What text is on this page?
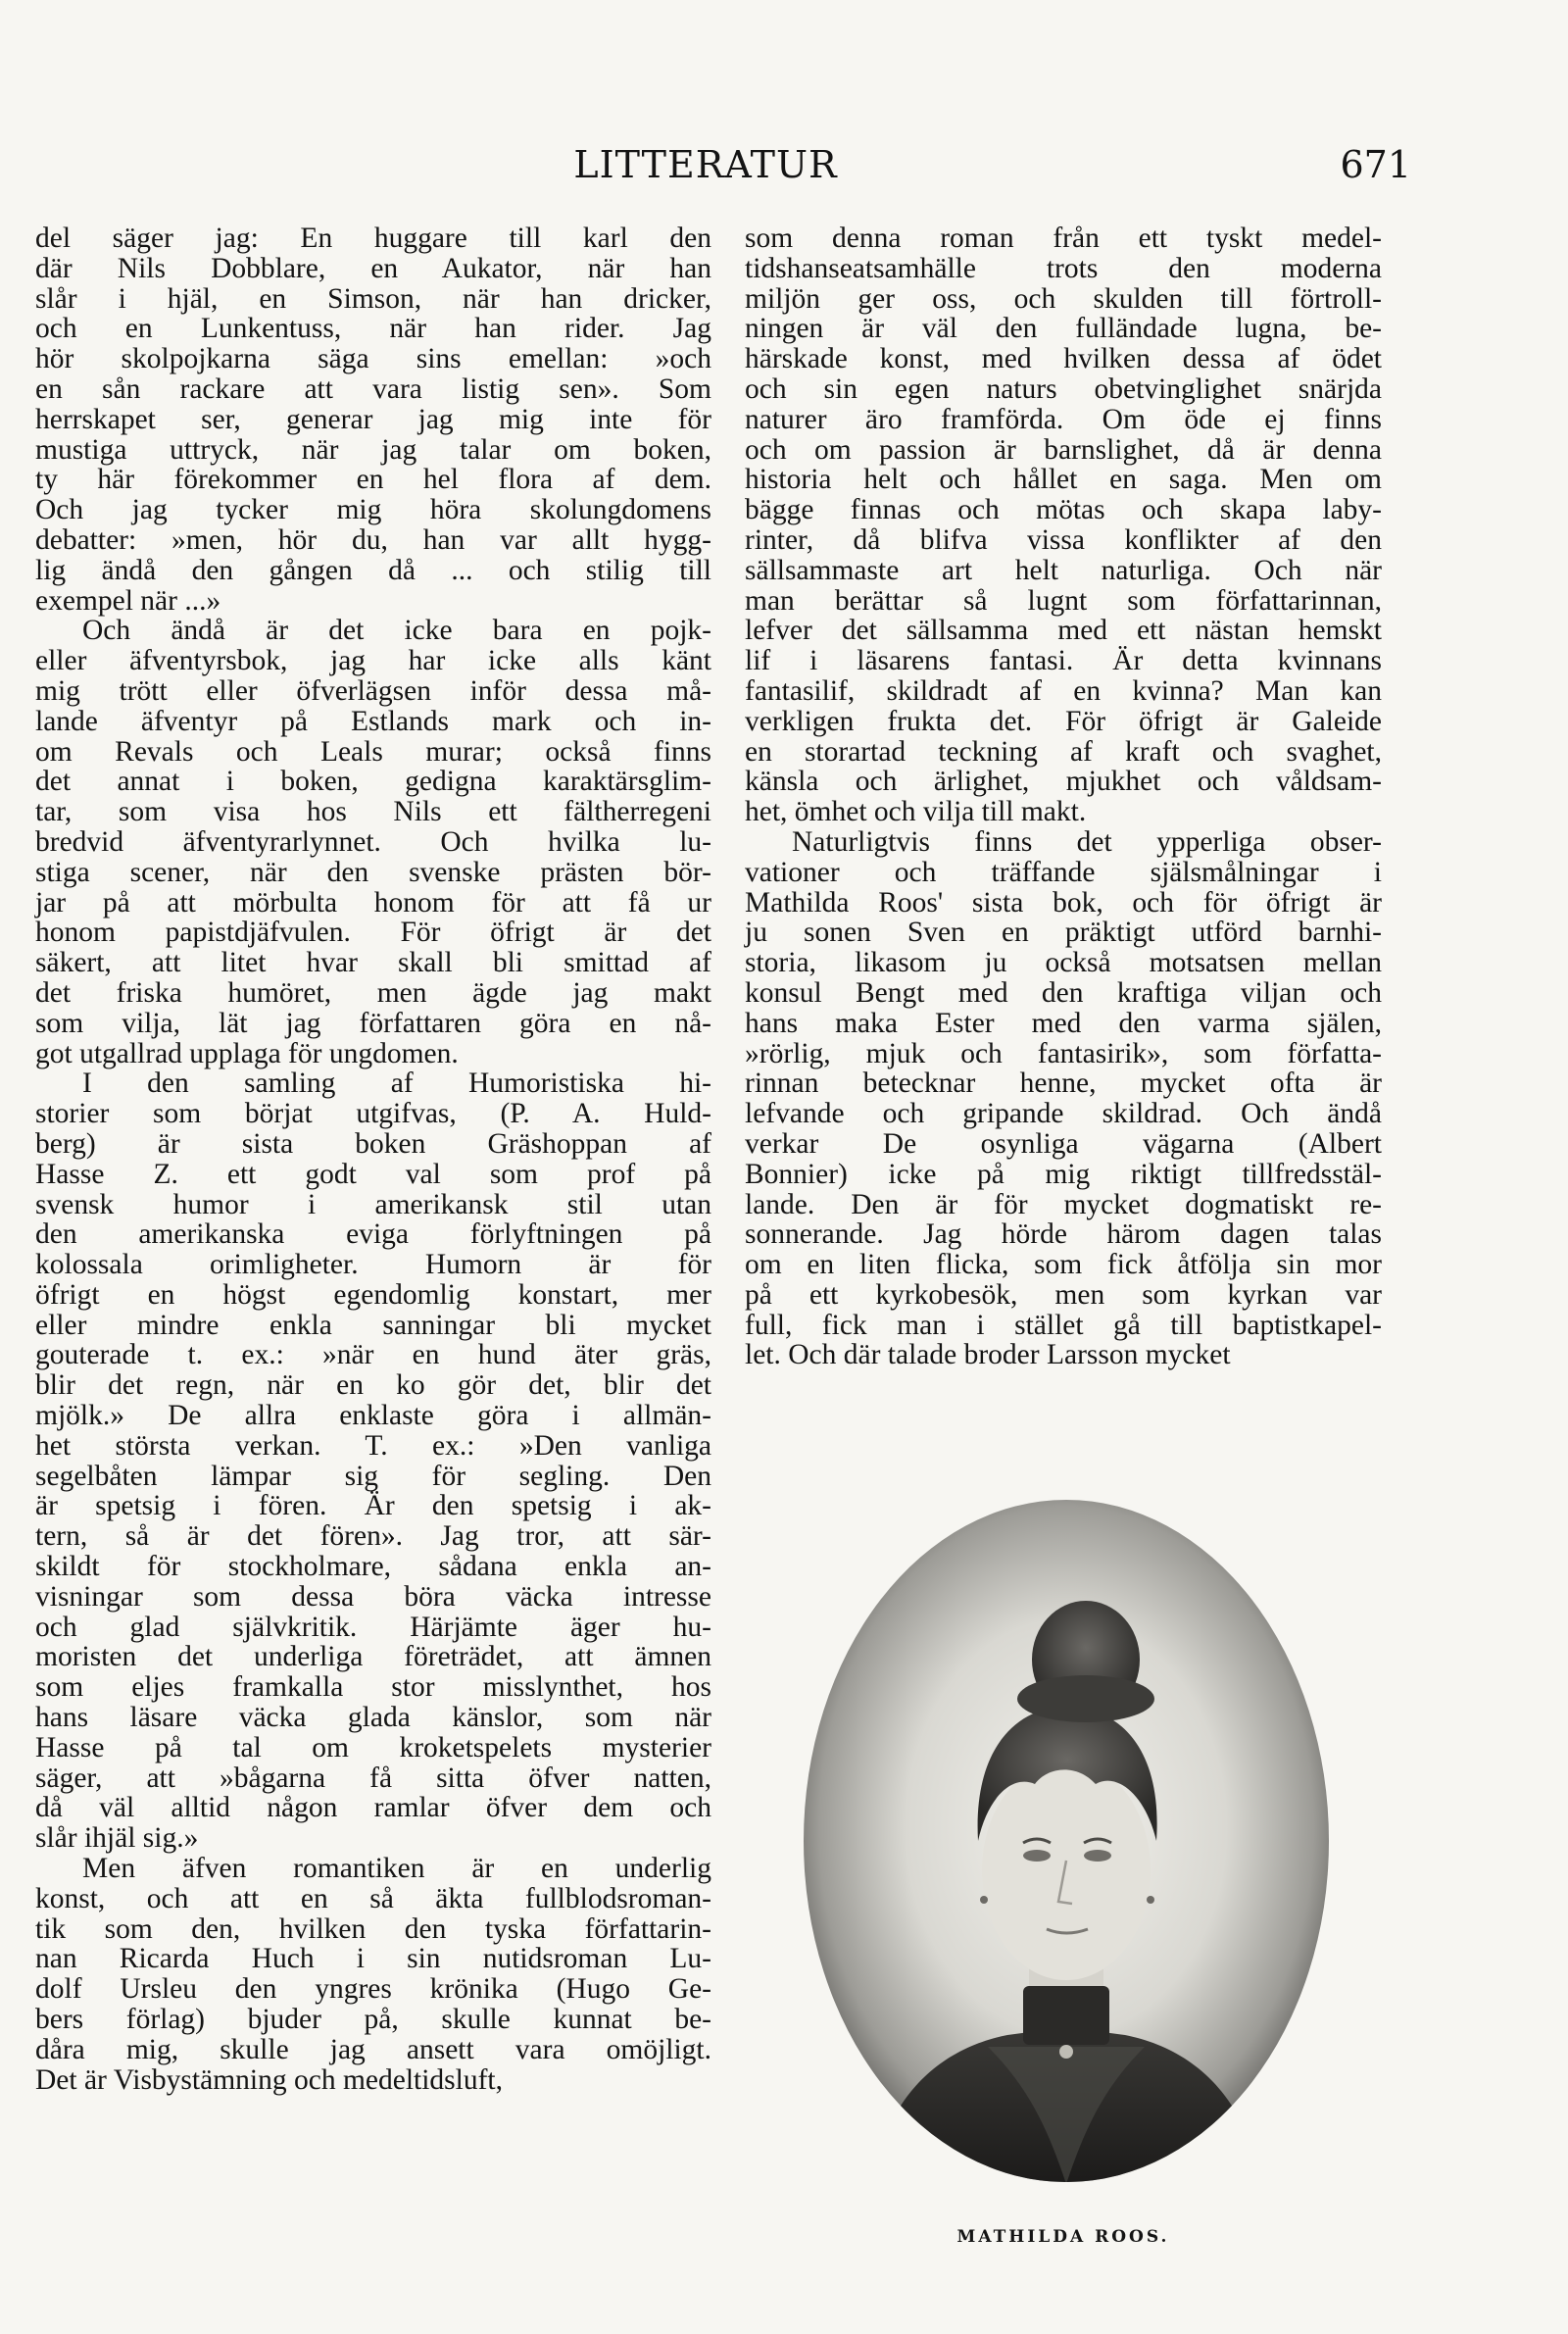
LITTERATUR	671
del säger jag: En huggare till karl den
där Nils Dobblare, en Aukator, när han
slår i hjäl, en Simson, när han dricker,
och en Lunkentuss, när han rider. Jag
hör skolpojkarna säga sins emellan: »och
en sån rackare att vara listig sen». Som
herrskapet ser, generar jag mig inte för
mustiga uttryck, när jag talar om boken,
ty här förekommer en hel flora af dem.
Och jag tycker mig höra skolungdomens
debatter: »men, hör du, han var allt hygg-
lig ändå den gången då ... och stilig till
exempel när ...»
Och ändå är det icke bara en pojk-
eller äfventyrsbok, jag har icke alls känt
mig trött eller öfverlägsen inför dessa må-
lande äfventyr på Estlands mark och in-
om Revals och Leals murar; också finns
det annat i boken, gedigna karaktärsglim-
tar, som visa hos Nils ett fältherregeni
bredvid äfventyrarlynnet. Och hvilka lu-
stiga scener, när den svenske prästen bör-
jar på att mörbulta honom för att få ur
honom papistdjäfvulen. För öfrigt är det
säkert, att litet hvar skall bli smittad af
det friska humöret, men ägde jag makt
som vilja, lät jag författaren göra en nå-
got utgallrad upplaga för ungdomen.
I den samling af Humoristiska hi-
storier som börjat utgifvas, (P. A. Huld-
berg) är sista boken Gräshoppan af
Hasse Z. ett godt val som prof på
svensk humor i amerikansk stil utan
den amerikanska eviga förlyftningen på
kolossala orimligheter. Humorn är för
öfrigt en högst egendomlig konstart, mer
eller mindre enkla sanningar bli mycket
gouterade t. ex.: »när en hund äter gräs,
blir det regn, när en ko gör det, blir det
mjölk.» De allra enklaste göra i allmän-
het största verkan. T. ex.: »Den vanliga
segelbåten lämpar sig för segling. Den
är spetsig i fören. Är den spetsig i ak-
tern, så är det fören». Jag tror, att sär-
skildt för stockholmare, sådana enkla an-
visningar som dessa böra väcka intresse
och glad självkritik. Härjämte äger hu-
moristen det underliga företrädet, att ämnen
som eljes framkalla stor misslynthet, hos
hans läsare väcka glada känslor, som när
Hasse på tal om kroketspelets mysterier
säger, att »bågarna få sitta öfver natten,
då väl alltid någon ramlar öfver dem och
slår ihjäl sig.»
Men äfven romantiken är en underlig
konst, och att en så äkta fullblodsroman-
tik som den, hvilken den tyska författarin-
nan Ricarda Huch i sin nutidsroman Lu-
dolf Ursleu den yngres krönika (Hugo Ge-
bers förlag) bjuder på, skulle kunnat be-
dåra mig, skulle jag ansett vara omöjligt.
Det är Visbystämning och medeltidsluft,
som denna roman från ett tyskt medel-
tidshanseatsamhälle trots den moderna
miljön ger oss, och skulden till förtroll-
ningen är väl den fulländade lugna, be-
härskade konst, med hvilken dessa af ödet
och sin egen naturs obetvinglighet snärjda
naturer äro framförda. Om öde ej finns
och om passion är barnslighet, då är denna
historia helt och hållet en saga. Men om
bägge finnas och mötas och skapa laby-
rinter, då blifva vissa konflikter af den
sällsammaste art helt naturliga. Och när
man berättar så lugnt som författarinnan,
lefver det sällsamma med ett nästan hemskt
lif i läsarens fantasi. Är detta kvinnans
fantasilif, skildradt af en kvinna? Man kan
verkligen frukta det. För öfrigt är Galeide
en storartad teckning af kraft och svaghet,
känsla och ärlighet, mjukhet och våldsam-
het, ömhet och vilja till makt.
Naturligtvis finns det ypperliga obser-
vationer och träffande själsmålningar i
Mathilda Roos' sista bok, och för öfrigt är
ju sonen Sven en präktigt utförd barnhi-
storia, likasom ju också motsatsen mellan
konsul Bengt med den kraftiga viljan och
hans maka Ester med den varma själen,
»rörlig, mjuk och fantasirik», som författa-
rinnan betecknar henne, mycket ofta är
lefvande och gripande skildrad. Och ändå
verkar De osynliga vägarna (Albert
Bonnier) icke på mig riktigt tillfredsstäl-
lande. Den är för mycket dogmatiskt re-
sonnerande. Jag hörde härom dagen talas
om en liten flicka, som fick åtfölja sin mor
på ett kyrkobesök, men som kyrkan var
full, fick man i stället gå till baptistkapel-
let. Och där talade broder Larsson mycket
MATHILDA ROOS.
